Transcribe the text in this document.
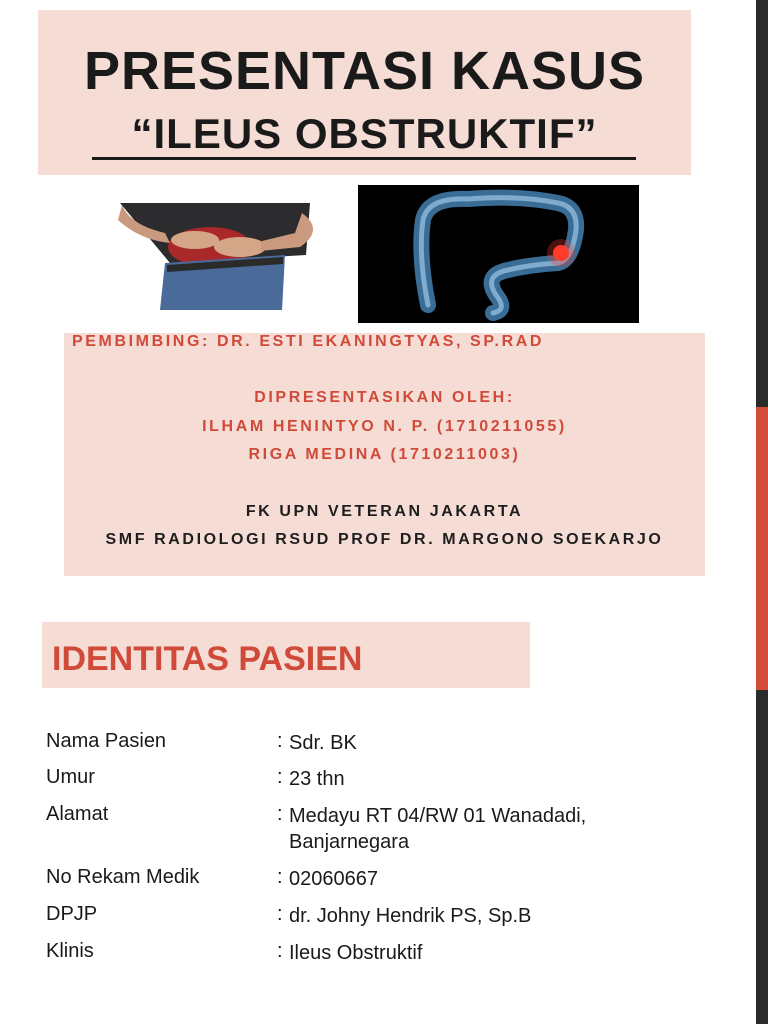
PRESENTASI KASUS
“ILEUS OBSTRUKTIF”
PEMBIMBING: DR. ESTI EKANINGTYAS, SP.RAD
DIPRESENTASIKAN OLEH:
ILHAM HENINTYO N. P. (1710211055)
RIGA MEDINA (1710211003)
FK UPN VETERAN JAKARTA
SMF RADIOLOGI RSUD PROF DR. MARGONO SOEKARJO
IDENTITAS PASIEN
Nama Pasien	: Sdr. BK
Umur	: 23 thn
Alamat	: Medayu RT 04/RW 01 Wanadadi,
Banjarnegara
No Rekam Medik	: 02060667
DPJP	: dr. Johny Hendrik PS, Sp.B
Klinis	: Ileus Obstruktif
